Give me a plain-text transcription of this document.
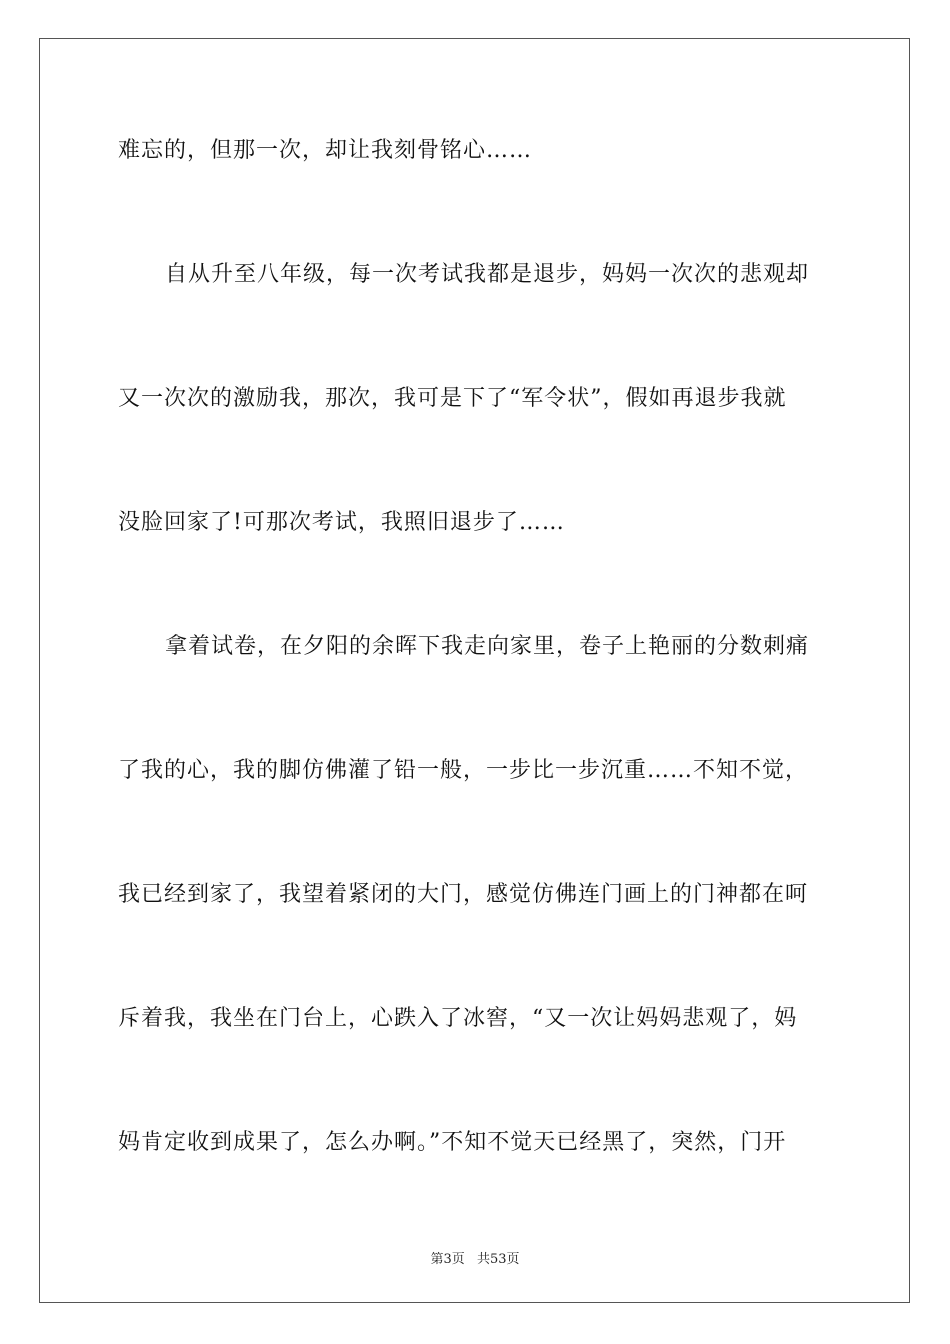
难忘的，但那一次，却让我刻骨铭心……
自从升至八年级，每一次考试我都是退步，妈妈一次次的悲观却
又一次次的激励我，那次，我可是下了“军令状”，假如再退步我就
没脸回家了!可那次考试，我照旧退步了……
拿着试卷，在夕阳的余晖下我走向家里，卷子上艳丽的分数刺痛
了我的心，我的脚仿佛灌了铅一般，一步比一步沉重……不知不觉，
我已经到家了，我望着紧闭的大门，感觉仿佛连门画上的门神都在呵
斥着我，我坐在门台上，心跌入了冰窖，“又一次让妈妈悲观了，妈
妈肯定收到成果了，怎么办啊。”不知不觉天已经黑了，突然，门开
第3页 共53页
